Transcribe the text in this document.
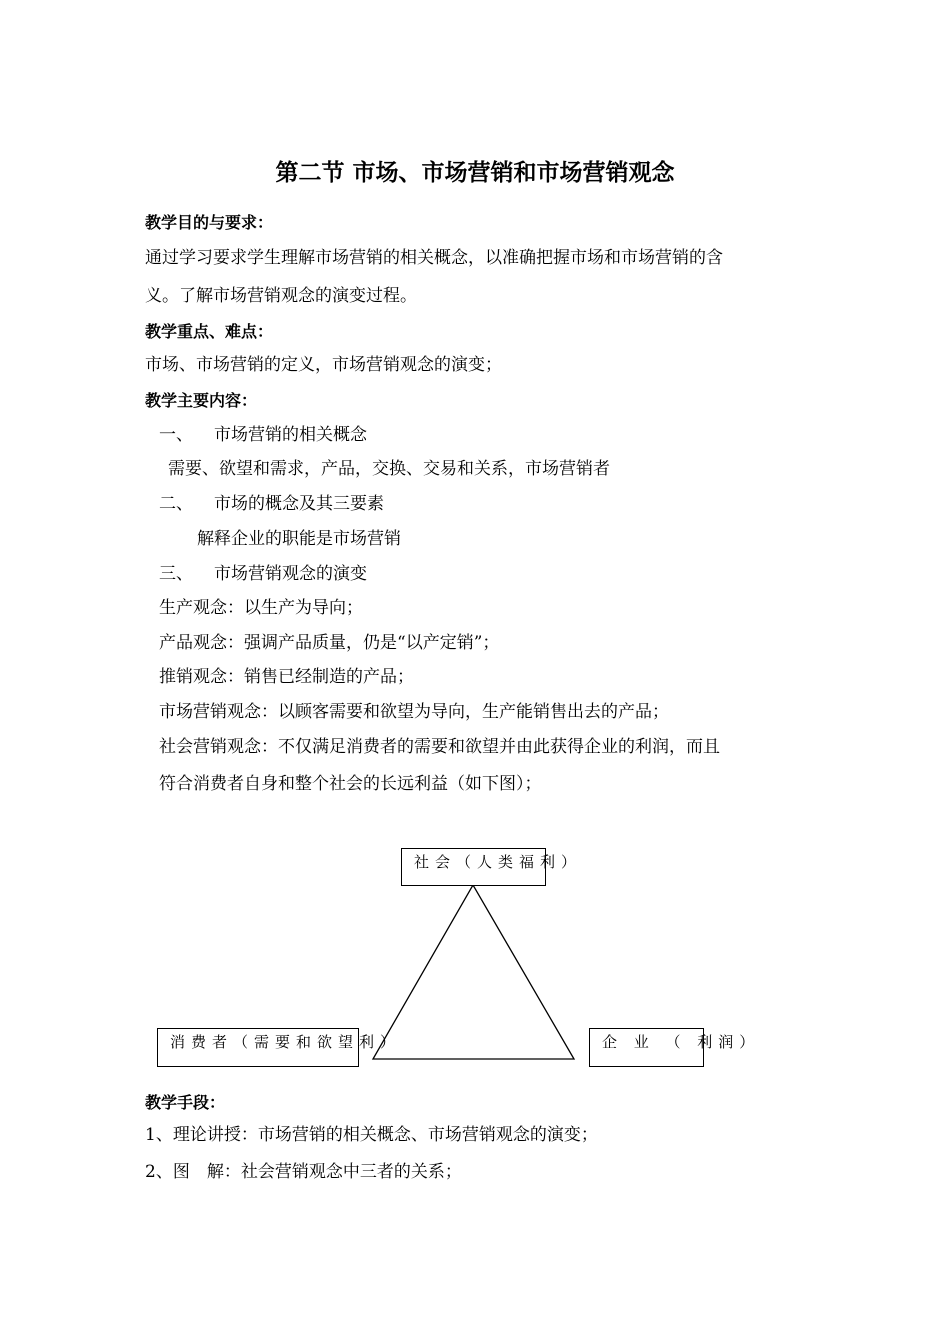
第二节 市场、市场营销和市场营销观念
教学目的与要求：
通过学习要求学生理解市场营销的相关概念，以准确把握市场和市场营销的含
义。了解市场营销观念的演变过程。
教学重点、难点：
市场、市场营销的定义，市场营销观念的演变；
教学主要内容：
一、 市场营销的相关概念
需要、欲望和需求，产品，交换、交易和关系，市场营销者
二、 市场的概念及其三要素
解释企业的职能是市场营销
三、 市场营销观念的演变
生产观念：以生产为导向；
产品观念：强调产品质量，仍是“以产定销”；
推销观念：销售已经制造的产品；
市场营销观念：以顾客需要和欲望为导向，生产能销售出去的产品；
社会营销观念：不仅满足消费者的需要和欲望并由此获得企业的利润，而且
符合消费者自身和整个社会的长远利益（如下图）；
社会（人类福利）
消费者（需要和欲望利）	企 业 （ 利润）
教学手段：
1、理论讲授：市场营销的相关概念、市场营销观念的演变；
2、图　解：社会营销观念中三者的关系；
